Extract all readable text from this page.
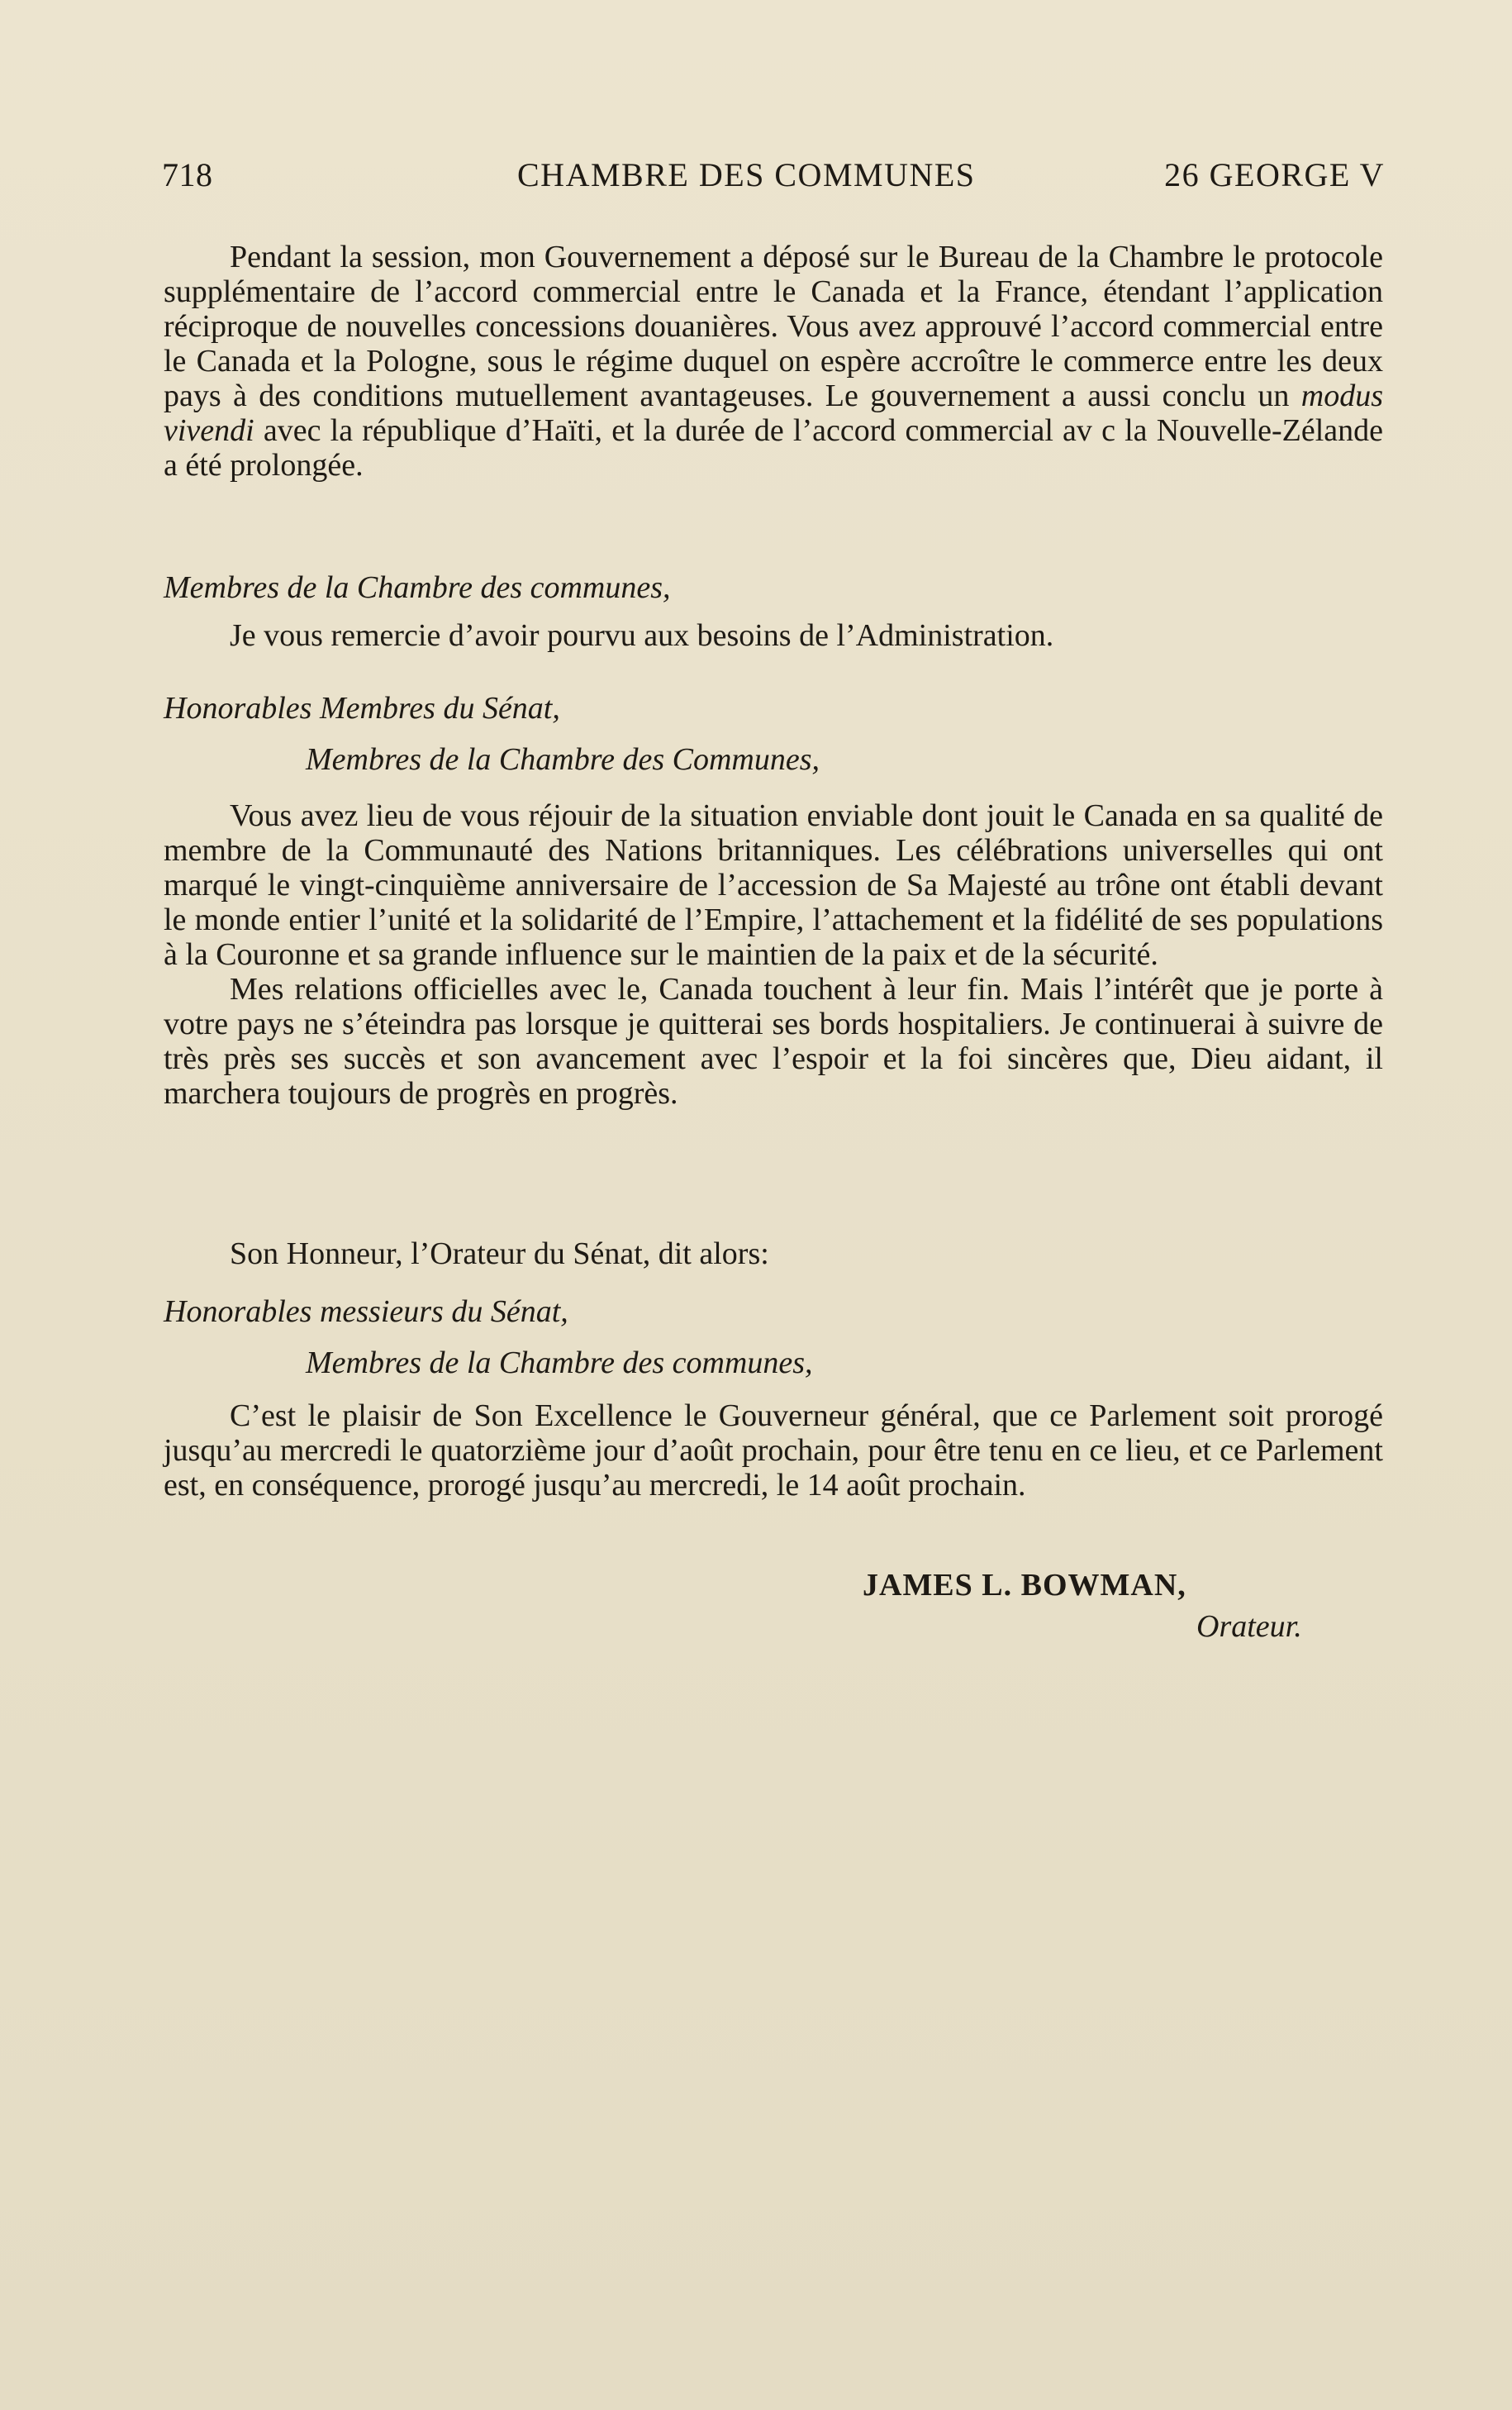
718	CHAMBRE DES COMMUNES	26 GEORGE V

Pendant la session, mon Gouvernement a déposé sur le Bureau de la Chambre le protocole supplémentaire de l’accord commercial entre le Canada et la France, étendant l’application réciproque de nouvelles concessions douanières. Vous avez approuvé l’accord commercial entre le Canada et la Pologne, sous le régime duquel on espère accroître le commerce entre les deux pays à des conditions mutuellement avantageuses. Le gouvernement a aussi conclu un modus vivendi avec la république d’Haïti, et la durée de l’accord commercial av c la Nouvelle-Zélande a été prolongée.

Membres de la Chambre des communes,

Je vous remercie d’avoir pourvu aux besoins de l’Administration.

Honorables Membres du Sénat,
Membres de la Chambre des Communes,

Vous avez lieu de vous réjouir de la situation enviable dont jouit le Canada en sa qualité de membre de la Communauté des Nations britanniques. Les célébrations universelles qui ont marqué le vingt-cinquième anniversaire de l’accession de Sa Majesté au trône ont établi devant le monde entier l’unité et la solidarité de l’Empire, l’attachement et la fidélité de ses populations à la Couronne et sa grande influence sur le maintien de la paix et de la sécurité.

Mes relations officielles avec le, Canada touchent à leur fin. Mais l’intérêt que je porte à votre pays ne s’éteindra pas lorsque je quitterai ses bords hospitaliers. Je continuerai à suivre de très près ses succès et son avancement avec l’espoir et la foi sincères que, Dieu aidant, il marchera toujours de progrès en progrès.

Son Honneur, l’Orateur du Sénat, dit alors:
Honorables messieurs du Sénat,
Membres de la Chambre des communes,

C’est le plaisir de Son Excellence le Gouverneur général, que ce Parlement soit prorogé jusqu’au mercredi le quatorzième jour d’août prochain, pour être tenu en ce lieu, et ce Parlement est, en conséquence, prorogé jusqu’au mercredi, le 14 août prochain.

JAMES L. BOWMAN,
Orateur.
